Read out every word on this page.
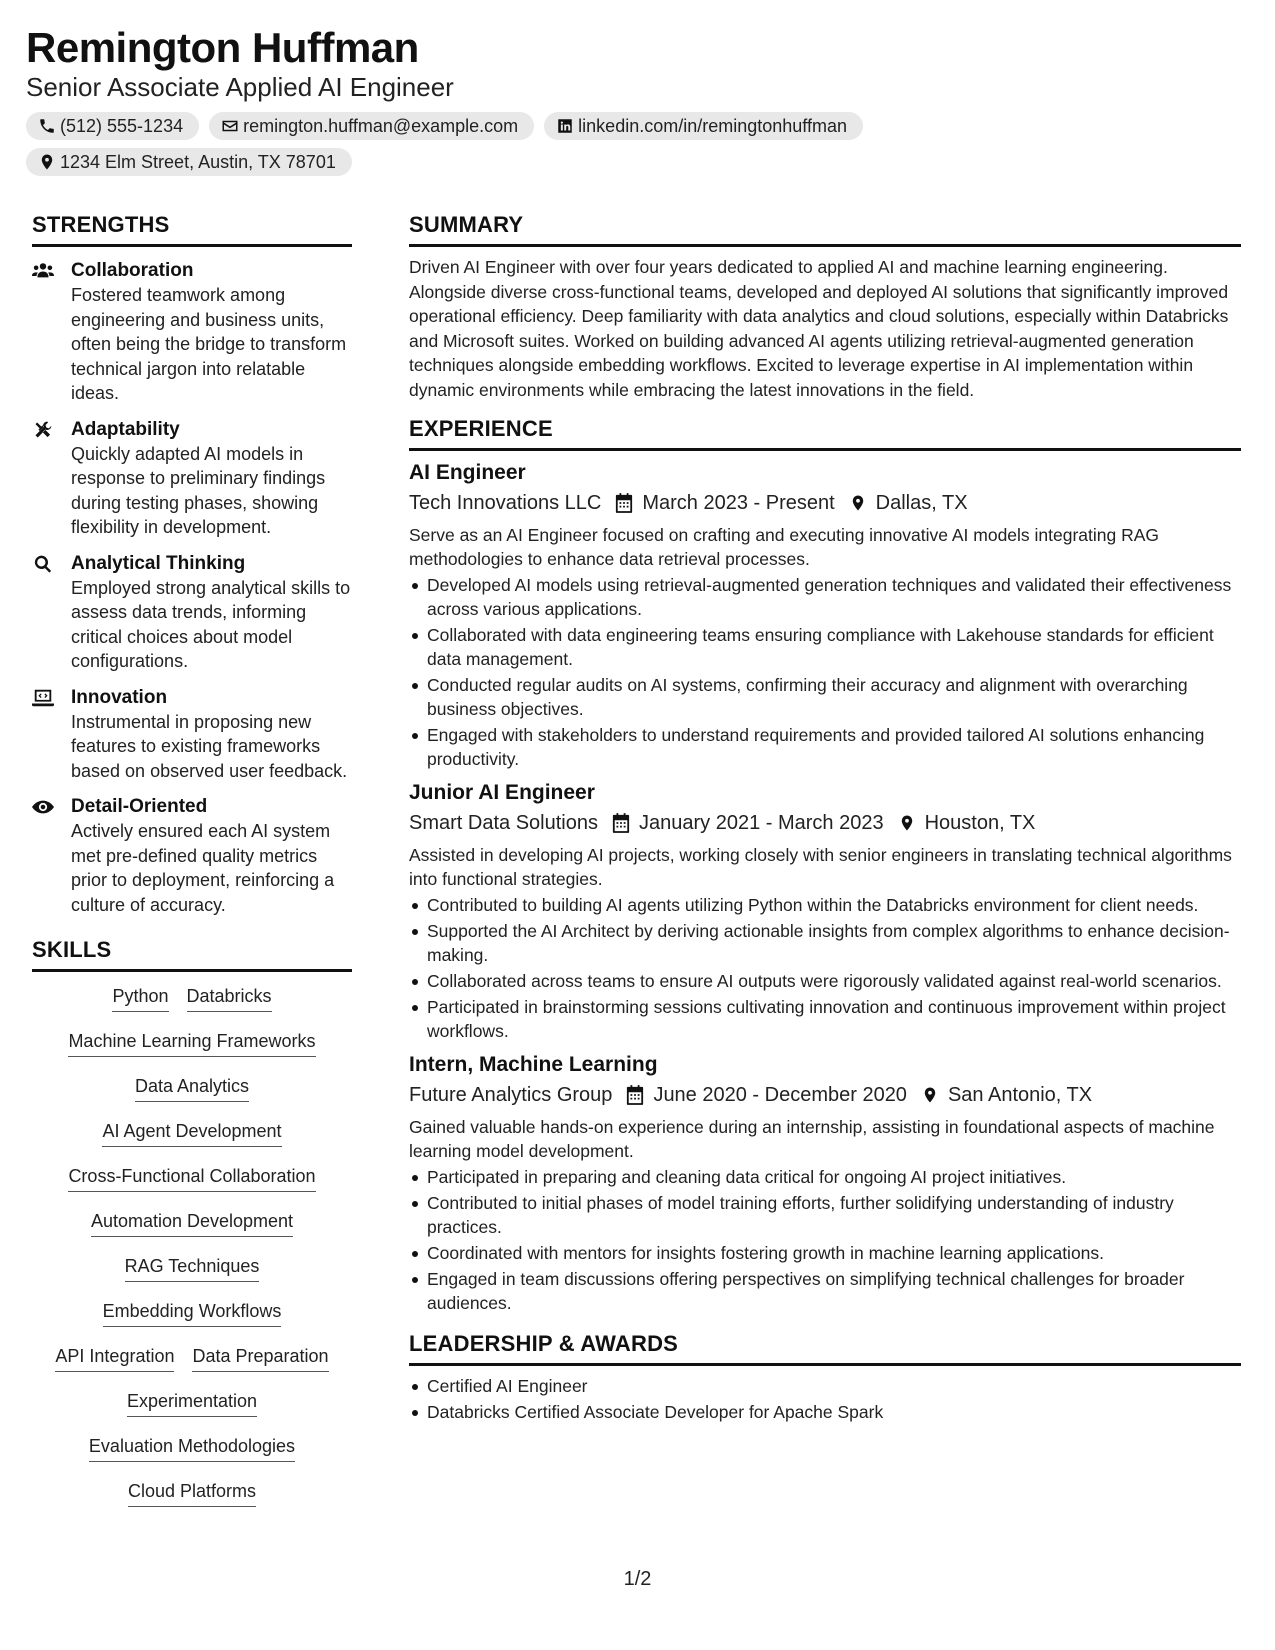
Remington Huffman
Senior Associate Applied AI Engineer
(512) 555-1234	remington.huffman@example.com	linkedin.com/in/remingtonhuffman
1234 Elm Street, Austin, TX 78701
STRENGTHS
Collaboration
Fostered teamwork among engineering and business units, often being the bridge to transform technical jargon into relatable ideas.
Adaptability
Quickly adapted AI models in response to preliminary findings during testing phases, showing flexibility in development.
Analytical Thinking
Employed strong analytical skills to assess data trends, informing critical choices about model configurations.
Innovation
Instrumental in proposing new features to existing frameworks based on observed user feedback.
Detail-Oriented
Actively ensured each AI system met pre-defined quality metrics prior to deployment, reinforcing a culture of accuracy.
SKILLS
Python Databricks
Machine Learning Frameworks
Data Analytics
AI Agent Development
Cross-Functional Collaboration
Automation Development
RAG Techniques
Embedding Workflows
API Integration Data Preparation
Experimentation
Evaluation Methodologies
Cloud Platforms
SUMMARY
Driven AI Engineer with over four years dedicated to applied AI and machine learning engineering. Alongside diverse cross-functional teams, developed and deployed AI solutions that significantly improved operational efficiency. Deep familiarity with data analytics and cloud solutions, especially within Databricks and Microsoft suites. Worked on building advanced AI agents utilizing retrieval-augmented generation techniques alongside embedding workflows. Excited to leverage expertise in AI implementation within dynamic environments while embracing the latest innovations in the field.
EXPERIENCE
AI Engineer
Tech Innovations LLC March 2023 - Present Dallas, TX
Serve as an AI Engineer focused on crafting and executing innovative AI models integrating RAG methodologies to enhance data retrieval processes.
Developed AI models using retrieval-augmented generation techniques and validated their effectiveness across various applications.
Collaborated with data engineering teams ensuring compliance with Lakehouse standards for efficient data management.
Conducted regular audits on AI systems, confirming their accuracy and alignment with overarching business objectives.
Engaged with stakeholders to understand requirements and provided tailored AI solutions enhancing productivity.
Junior AI Engineer
Smart Data Solutions January 2021 - March 2023 Houston, TX
Assisted in developing AI projects, working closely with senior engineers in translating technical algorithms into functional strategies.
Contributed to building AI agents utilizing Python within the Databricks environment for client needs.
Supported the AI Architect by deriving actionable insights from complex algorithms to enhance decision-making.
Collaborated across teams to ensure AI outputs were rigorously validated against real-world scenarios.
Participated in brainstorming sessions cultivating innovation and continuous improvement within project workflows.
Intern, Machine Learning
Future Analytics Group June 2020 - December 2020 San Antonio, TX
Gained valuable hands-on experience during an internship, assisting in foundational aspects of machine learning model development.
Participated in preparing and cleaning data critical for ongoing AI project initiatives.
Contributed to initial phases of model training efforts, further solidifying understanding of industry practices.
Coordinated with mentors for insights fostering growth in machine learning applications.
Engaged in team discussions offering perspectives on simplifying technical challenges for broader audiences.
LEADERSHIP & AWARDS
Certified AI Engineer
Databricks Certified Associate Developer for Apache Spark
1/2
